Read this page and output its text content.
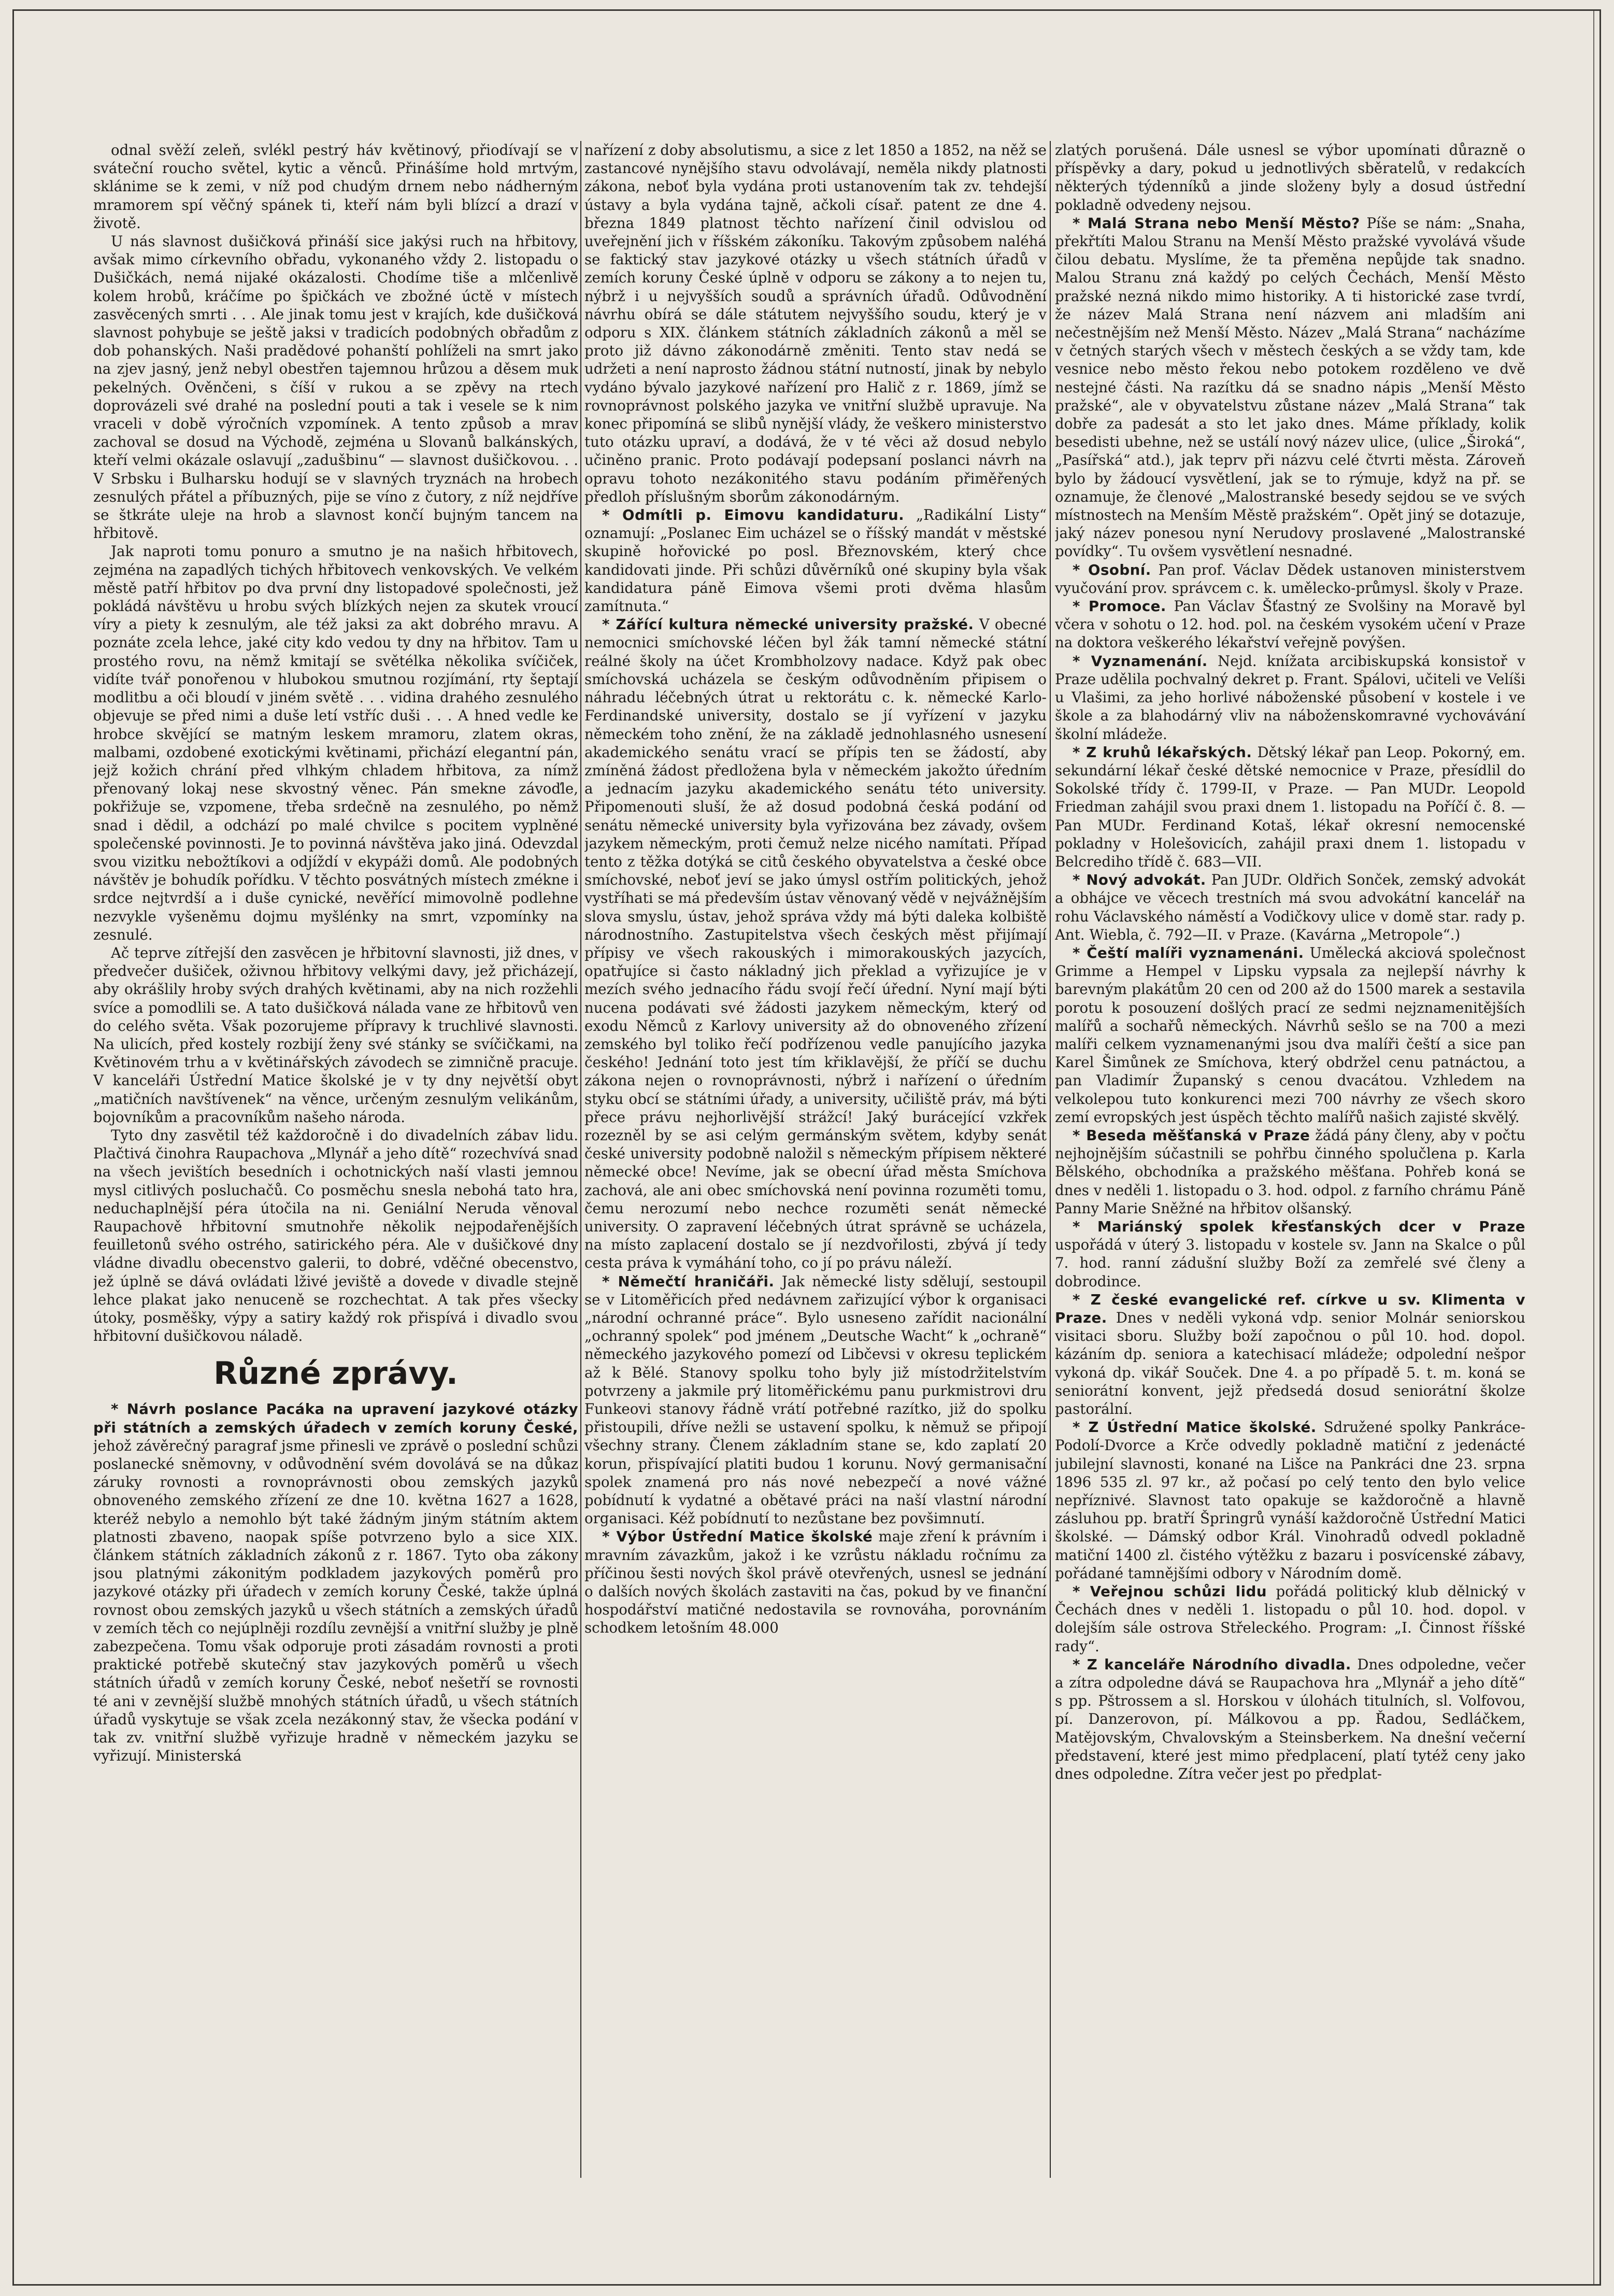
odnal svěží zeleň, svlékl pestrý háv květinový, přiodívají se v sváteční roucho světel, kytic a věnců. Přinášíme hold mrtvým, sklánime se k zemi, v níž pod chudým drnem nebo nádherným mramorem spí věčný spánek ti, kteří nám byli blízcí a drazí v životě.

U nás slavnost dušičková přináší sice jakýsi ruch na hřbitovy, avšak mimo církevního obřadu, vykonaného vždy 2. listopadu o Dušičkách, nemá nijaké okázalosti. Chodíme tiše a mlčenlivě kolem hrobů, kráčíme po špičkách ve zbožné úctě v místech zasvěcených smrti . . . Ale jinak tomu jest v krajích, kde dušičková slavnost pohybuje se ještě jaksi v tradicích podobných obřadům z dob pohanských. Naši pradědové pohanští pohlíželi na smrt jako na zjev jasný, jenž nebyl obestřen tajemnou hrůzou a děsem muk pekelných. Ověnčeni, s číší v rukou a se zpěvy na rtech doprovázeli své drahé na poslední pouti a tak i vesele se k nim vraceli v době výročních vzpomínek. A tento způsob a mrav zachoval se dosud na Východě, zejména u Slovanů balkánských, kteří velmi okázale oslavují „zadušbinu“ — slavnost dušičkovou. . . V Srbsku i Bulharsku hodují se v slavných tryznách na hrobech zesnulých přátel a příbuzných, pije se víno z čutory, z níž nejdříve se štkráte uleje na hrob a slavnost končí bujným tancem na hřbitově.

Jak naproti tomu ponuro a smutno je na našich hřbitovech, zejména na zapadlých tichých hřbitovech venkovských. Ve velkém městě patří hřbitov po dva první dny listopadové společnosti, jež pokládá návštěvu u hrobu svých blízkých nejen za skutek vroucí víry a piety k zesnulým, ale též jaksi za akt dobrého mravu. A poznáte zcela lehce, jaké city kdo vedou ty dny na hřbitov. Tam u prostého rovu, na němž kmitají se světélka několika svíčiček, vidíte tvář ponořenou v hlubokou smutnou rozjímání, rty šeptají modlitbu a oči bloudí v jiném světě . . . vidina drahého zesnulého objevuje se před nimi a duše letí vstříc duši . . . A hned vedle ke hrobce skvějící se matným leskem mramoru, zlatem okras, malbami, ozdobené exotickými květinami, přichází elegantní pán, jejž kožich chrání před vlhkým chladem hřbitova, za nímž přenovaný lokaj nese skvostný věnec. Pán smekne závoďle, pokřižuje se, vzpomene, třeba srdečně na zesnulého, po němž snad i dědil, a odchází po malé chvilce s pocitem vyplněné společenské povinnosti. Je to povinná návštěva jako jiná. Odevzdal svou vizitku nebožtíkovi a odjíždí v ekypáži domů. Ale podobných návštěv je bohudík pořídku. V těchto posvátných místech zmékne i srdce nejtvrdší a i duše cynické, nevěřící mimovolně podlehne nezvykle vyšeněmu dojmu myšlénky na smrt, vzpomínky na zesnulé.

Ač teprve zítřejší den zasvěcen je hřbitovní slavnosti, již dnes, v předvečer dušiček, oživnou hřbitovy velkými davy, jež přicházejí, aby okrášlily hroby svých drahých květinami, aby na nich rozžehli svíce a pomodlili se. A tato dušičková nálada vane ze hřbitovů ven do celého světa. Však pozorujeme přípravy k truchlivé slavnosti. Na ulicích, před kostely rozbijí ženy své stánky se svíčičkami, na Květinovém trhu a v květinářských závodech se zimničně pracuje. V kanceláři Ústřední Matice školské je v ty dny největší obyt „matičních navštívenek“ na věnce, určeným zesnulým velikánům, bojovníkům a pracovníkům našeho národa.

Tyto dny zasvětil též každoročně i do divadelních zábav lidu. Plačtivá činohra Raupachova „Mlynář a jeho dítě“ rozechvívá snad na všech jevištích besedních i ochotnických naší vlasti jemnou mysl citlivých posluchačů. Co posměchu snesla nebohá tato hra, neduchaplnější péra útočila na ni. Geniální Neruda věnoval Raupachově hřbitovní smutnohře několik nejpodařenějších feuilletonů svého ostrého, satirického péra. Ale v dušičkové dny vládne divadlu obecenstvo galerii, to dobré, vděčné obecenstvo, jež úplně se dává ovládati lživé jeviště a dovede v divadle stejně lehce plakat jako nenuceně se rozchechtat. A tak přes všecky útoky, posměšky, výpy a satiry každý rok přispívá i divadlo svou hřbitovní dušičkovou náladě.

Různé zprávy.

* Návrh poslance Pacáka na upravení jazykové otázky při státních a zemských úřadech v zemích koruny České, jehož závěrečný paragraf jsme přinesli ve zprávě o poslední schůzi poslanecké sněmovny, v odůvodnění svém dovolává se na důkaz záruky rovnosti a rovnoprávnosti obou zemských jazyků obnoveného zemského zřízení ze dne 10. května 1627 a 1628, kteréž nebylo a nemohlo být také žádným jiným státním aktem platnosti zbaveno, naopak spíše potvrzeno bylo a sice XIX. článkem státních základních zákonů z r. 1867. Tyto oba zákony jsou platnými zákonitým podkladem jazykových poměrů pro jazykové otázky při úřadech v zemích koruny České, takže úplná rovnost obou zemských jazyků u všech státních a zemských úřadů v zemích těch co nejúplněji rozdílu zevnější a vnitřní služby je plně zabezpečena. Tomu však odporuje proti zásadám rovnosti a proti praktické potřebě skutečný stav jazykových poměrů u všech státních úřadů v zemích koruny České, neboť nešetří se rovnosti té ani v zevnější službě mnohých státních úřadů, u všech státních úřadů vyskytuje se však zcela nezákonný stav, že všecka podání v tak zv. vnitřní službě vyřizuje hradně v německém jazyku se vyřizují. Ministerská

nařízení z doby absolutismu, a sice z let 1850 a 1852, na něž se zastancové nynějšího stavu odvolávají, neměla nikdy platnosti zákona, neboť byla vydána proti ustanovením tak zv. tehdejší ústavy a byla vydána tajně, ačkoli císař. patent ze dne 4. března 1849 platnost těchto nařízení činil odvislou od uveřejnění jich v říšském zákoníku. Takovým způsobem naléhá se faktický stav jazykové otázky u všech státních úřadů v zemích koruny České úplně v odporu se zákony a to nejen tu, nýbrž i u nejvyšších soudů a správních úřadů. Odůvodnění návrhu obírá se dále státutem nejvyššího soudu, který je v odporu s XIX. článkem státních základních zákonů a měl se proto již dávno zákonodárně změniti. Tento stav nedá se udržeti a není naprosto žádnou státní nutností, jinak by nebylo vydáno bývalo jazykové nařízení pro Halič z r. 1869, jímž se rovnoprávnost polského jazyka ve vnitřní službě upravuje. Na konec připomíná se slibů nynější vlády, že veškero ministerstvo tuto otázku upraví, a dodává, že v té věci až dosud nebylo učiněno pranic. Proto podávají podepsaní poslanci návrh na opravu tohoto nezákonitého stavu podáním přiměřených předloh příslušným sborům zákonodárným.

* Odmítli p. Eimovu kandidaturu. „Radikální Listy“ oznamují: „Poslanec Eim ucházel se o říšský mandát v městské skupině hořovické po posl. Březnovském, který chce kandidovati jinde. Při schůzi důvěrníků oné skupiny byla však kandidatura páně Eimova všemi proti dvěma hlasům zamítnuta.“

* Zářící kultura německé university pražské. V obecné nemocnici smíchovské léčen byl žák tamní německé státní reálné školy na účet Krombholzovy nadace. Když pak obec smíchovská ucházela se českým odůvodněním připisem o náhradu léčebných útrat u rektorátu c. k. německé Karlo-Ferdinandské university, dostalo se jí vyřízení v jazyku německém toho znění, že na základě jednohlasného usnesení akademického senátu vrací se přípis ten se žádostí, aby zmíněná žádost předložena byla v německém jakožto úředním a jednacím jazyku akademického senátu této university. Připomenouti sluší, že až dosud podobná česká podání od senátu německé university byla vyřizována bez závady, ovšem jazykem německým, proti čemuž nelze nicého namítati. Případ tento z těžka dotýká se citů českého obyvatelstva a české obce smíchovské, neboť jeví se jako úmysl ostřím politických, jehož vystříhati se má především ústav věnovaný vědě v nejvážnějším slova smyslu, ústav, jehož správa vždy má býti daleka kolbiště národnostního. Zastupitelstva všech českých měst přijímají přípisy ve všech rakouských i mimorakouských jazycích, opatřujíce si často nákladný jich překlad a vyřizujíce je v mezích svého jednacího řádu svojí řečí úřední. Nyní mají býti nucena podávati své žádosti jazykem německým, který od exodu Němců z Karlovy university až do obnoveného zřízení zemského byl toliko řečí podřízenou vedle panujícího jazyka českého! Jednání toto jest tím křiklavější, že příčí se duchu zákona nejen o rovnoprávnosti, nýbrž i nařízení o úředním styku obcí se státními úřady, a university, učiliště práv, má býti přece právu nejhorlivější strážcí! Jaký burácející vzkřek rozezněl by se asi celým germánským světem, kdyby senát české university podobně naložil s německým přípisem některé německé obce! Nevíme, jak se obecní úřad města Smíchova zachová, ale ani obec smíchovská není povinna rozuměti tomu, čemu nerozumí nebo nechce rozuměti senát německé university. O zapravení léčebných útrat správně se ucházela, na místo zaplacení dostalo se jí nezdvořilosti, zbývá jí tedy cesta práva k vymáhání toho, co jí po právu náleží.

* Němečtí hraničáři. Jak německé listy sdělují, sestoupil se v Litoměřicích před nedávnem zařizující výbor k organisaci „národní ochranné práce“. Bylo usneseno zařídit nacionální „ochranný spolek“ pod jménem „Deutsche Wacht“ k „ochraně“ německého jazykového pomezí od Libčevsi v okresu teplickém až k Bělé. Stanovy spolku toho byly již místodržitelstvím potvrzeny a jakmile prý litoměřickému panu purkmistrovi dru Funkeovi stanovy řádně vrátí potřebné razítko, již do spolku přistoupili, dříve nežli se ustavení spolku, k němuž se připojí všechny strany. Členem základním stane se, kdo zaplatí 20 korun, přispívající platiti budou 1 korunu. Nový germanisační spolek znamená pro nás nové nebezpečí a nové vážné pobídnutí k vydatné a obětavé práci na naší vlastní národní organisaci. Kéž pobídnutí to nezůstane bez povšimnutí.

* Výbor Ústřední Matice školské maje zření k právním i mravním závazkům, jakož i ke vzrůstu nákladu ročnímu za příčinou šesti nových škol právě otevřených, usnesl se jednání o dalších nových školách zastaviti na čas, pokud by ve finanční hospodářství matičné nedostavila se rovnováha, porovnáním schodkem letošním 48.000

zlatých porušená. Dále usnesl se výbor upomínati důrazně o příspěvky a dary, pokud u jednotlivých sběratelů, v redakcích některých týdenníků a jinde složeny byly a dosud ústřední pokladně odvedeny nejsou.

* Malá Strana nebo Menší Město? Píše se nám: „Snaha, překřtíti Malou Stranu na Menší Město pražské vyvolává všude čilou debatu. Myslíme, že ta přeměna nepůjde tak snadno. Malou Stranu zná každý po celých Čechách, Menší Město pražské nezná nikdo mimo historiky. A ti historické zase tvrdí, že název Malá Strana není názvem ani mladším ani nečestnějším než Menší Město. Název „Malá Strana“ nacházíme v četných starých všech v městech českých a se vždy tam, kde vesnice nebo město řekou nebo potokem rozděleno ve dvě nestejné části. Na razítku dá se snadno nápis „Menší Město pražské“, ale v obyvatelstvu zůstane název „Malá Strana“ tak dobře za padesát a sto let jako dnes. Máme příklady, kolik besedisti ubehne, než se ustálí nový název ulice, (ulice „Široká“, „Pasířská“ atd.), jak teprv při názvu celé čtvrti města. Zároveň bylo by žádoucí vysvětlení, jak se to rýmuje, když na př. se oznamuje, že členové „Malostranské besedy sejdou se ve svých místnostech na Menším Městě pražském“. Opět jiný se dotazuje, jaký název ponesou nyní Nerudovy proslavené „Malostranské povídky“. Tu ovšem vysvětlení nesnadné.

* Osobní. Pan prof. Václav Dědek ustanoven ministerstvem vyučování prov. správcem c. k. umělecko-průmysl. školy v Praze.

* Promoce. Pan Václav Šťastný ze Svolšiny na Moravě byl včera v sohotu o 12. hod. pol. na českém vysokém učení v Praze na doktora veškerého lékařství veřejně povýšen.

* Vyznamenání. Nejd. knížata arcibiskupská konsistoř v Praze udělila pochvalný dekret p. Frant. Spálovi, učiteli ve Velíši u Vlašimi, za jeho horlivé náboženské působení v kostele i ve škole a za blahodárný vliv na náboženskomravné vychovávání školní mládeže.

* Z kruhů lékařských. Dětský lékař pan Leop. Pokorný, em. sekundární lékař české dětské nemocnice v Praze, přesídlil do Sokolské třídy č. 1799-II, v Praze. — Pan MUDr. Leopold Friedman zahájil svou praxi dnem 1. listopadu na Poříčí č. 8. — Pan MUDr. Ferdinand Kotaš, lékař okresní nemocenské pokladny v Holešovicích, zahájil praxi dnem 1. listopadu v Belcrediho třídě č. 683—VII.

* Nový advokát. Pan JUDr. Oldřich Sonček, zemský advokát a obhájce ve věcech trestních má svou advokátní kancelář na rohu Václavského náměstí a Vodičkovy ulice v domě star. rady p. Ant. Wiebla, č. 792—II. v Praze. (Kavárna „Metropole“.)

* Čeští malíři vyznamenáni. Umělecká akciová společnost Grimme a Hempel v Lipsku vypsala za nejlepší návrhy k barevným plakátům 20 cen od 200 až do 1500 marek a sestavila porotu k posouzení došlých prací ze sedmi nejznamenitějších malířů a sochařů německých. Návrhů sešlo se na 700 a mezi malíři celkem vyznamenanými jsou dva malíři čeští a sice pan Karel Šimůnek ze Smíchova, který obdržel cenu patnáctou, a pan Vladimír Županský s cenou dvacátou. Vzhledem na velkolepou tuto konkurenci mezi 700 návrhy ze všech skoro zemí evropských jest úspěch těchto malířů našich zajisté skvělý.

* Beseda měšťanská v Praze žádá pány členy, aby v počtu nejhojnějším súčastnili se pohřbu činného spolučlena p. Karla Bělského, obchodníka a pražského měšťana. Pohřeb koná se dnes v neděli 1. listopadu o 3. hod. odpol. z farního chrámu Páně Panny Marie Sněžné na hřbitov olšanský.

* Mariánský spolek křesťanských dcer v Praze uspořádá v úterý 3. listopadu v kostele sv. Jann na Skalce o půl 7. hod. ranní zádušní služby Boží za zemřelé své členy a dobrodince.

* Z české evangelické ref. církve u sv. Klimenta v Praze. Dnes v neděli vykoná vdp. senior Molnár seniorskou visitaci sboru. Služby boží započnou o půl 10. hod. dopol. kázáním dp. seniora a katechisací mládeže; odpolední nešpor vykoná dp. vikář Souček. Dne 4. a po případě 5. t. m. koná se seniorátní konvent, jejž předsedá dosud seniorátní školze pastorální.

* Z Ústřední Matice školské. Sdružené spolky Pankráce-Podolí-Dvorce a Krče odvedly pokladně matiční z jedenácté jubilejní slavnosti, konané na Lišce na Pankráci dne 23. srpna 1896 535 zl. 97 kr., až počasí po celý tento den bylo velice nepříznivé. Slavnost tato opakuje se každoročně a hlavně zásluhou pp. bratří Špringrů vynáší každoročně Ústřední Matici školské. — Dámský odbor Král. Vinohradů odvedl pokladně matiční 1400 zl. čistého výtěžku z bazaru i posvícenské zábavy, pořádané tamnějšími odbory v Národním domě.

* Veřejnou schůzi lidu pořádá politický klub dělnický v Čechách dnes v neděli 1. listopadu o půl 10. hod. dopol. v dolejším sále ostrova Střeleckého. Program: „I. Činnost říšské rady“.

* Z kanceláře Národního divadla. Dnes odpoledne, večer a zítra odpoledne dává se Raupachova hra „Mlynář a jeho dítě“ s pp. Pštrossem a sl. Horskou v úlohách titulních, sl. Volfovou, pí. Danzerovon, pí. Málkovou a pp. Řadou, Sedláčkem, Matějovským, Chvalovským a Steinsberkem. Na dnešní večerní představení, které jest mimo předplacení, platí tytéž ceny jako dnes odpoledne. Zítra večer jest po předplat-
